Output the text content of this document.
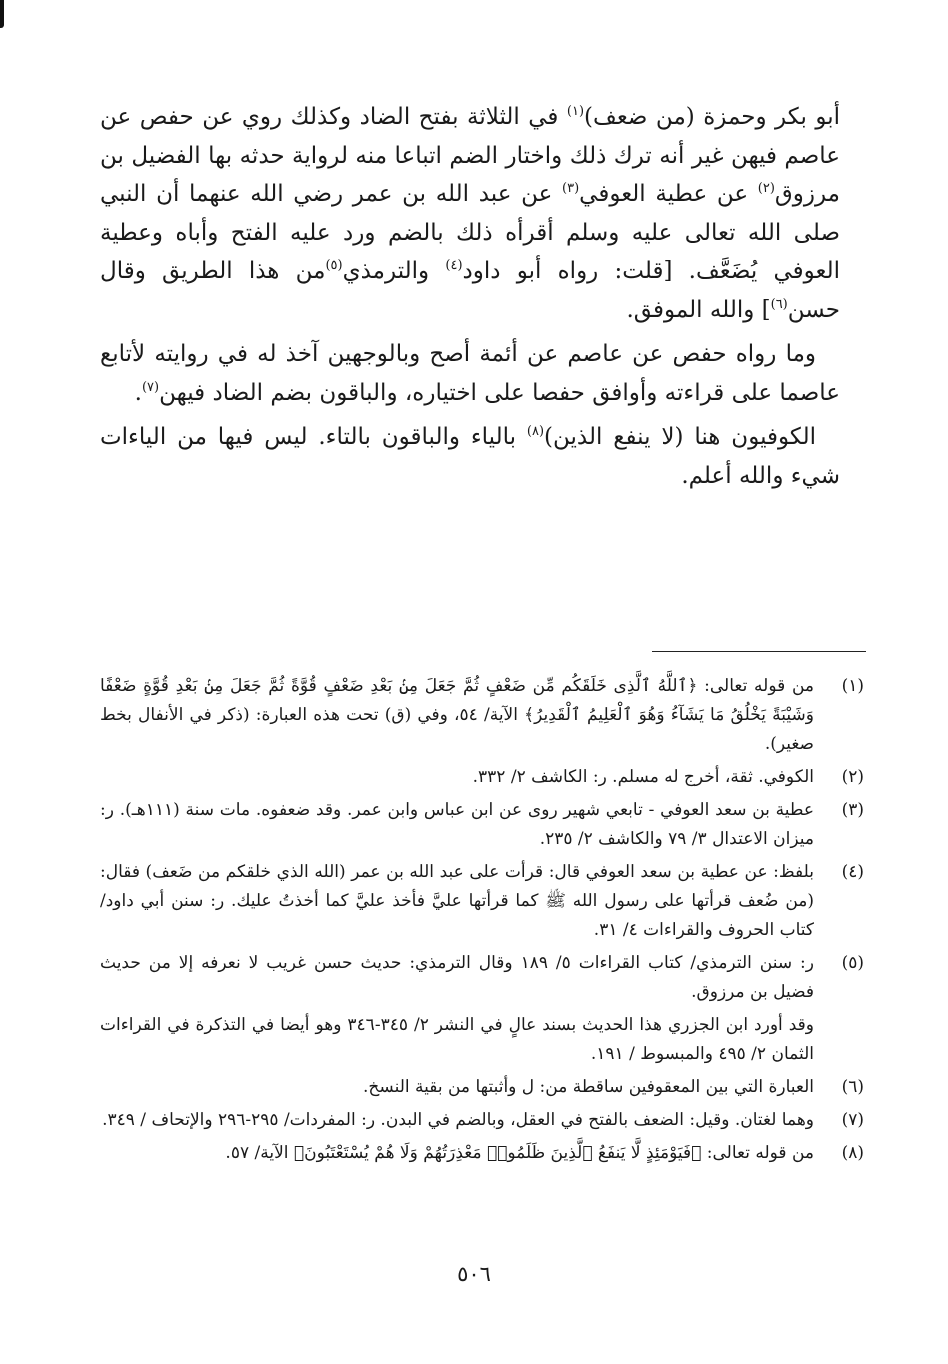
أبو بكر وحمزة (من ضعف)$^{(١)}$ في الثلاثة بفتح الضاد وكذلك روي عن حفص عن عاصم فيهن غير أنه ترك ذلك واختار الضم اتباعا منه لرواية حدثه بها الفضيل بن مرزوق$^{(٢)}$ عن عطية العوفي$^{(٣)}$ عن عبد الله بن عمر رضي الله عنهما أن النبي صلى الله تعالى عليه وسلم أقرأه ذلك بالضم ورد عليه الفتح وأباه وعطية العوفي يُضَعَّف. [قلت: رواه أبو داود$^{(٤)}$ والترمذي$^{(٥)}$من هذا الطريق وقال حسن$^{(٦)}$] والله الموفق.

وما رواه حفص عن عاصم عن أئمة أصح وبالوجهين آخذ له في روايته لأتابع عاصما على قراءته وأوافق حفصا على اختياره، والباقون بضم الضاد فيهن$^{(٧)}$.

الكوفيون هنا (لا ينفع الذين)$^{(٨)}$ بالياء والباقون بالتاء. ليس فيها من الياءات شيء والله أعلم.

(١)
من قوله تعالى: ﴿ٱللَّهُ ٱلَّذِى خَلَقَكُم مِّن ضَعْفٍ ثُمَّ جَعَلَ مِنۢ بَعْدِ ضَعْفٍ قُوَّةً ثُمَّ جَعَلَ مِنۢ بَعْدِ قُوَّةٍ ضَعْفًا وَشَيْبَةً يَخْلُقُ مَا يَشَآءُ وَهُوَ ٱلْعَلِيمُ ٱلْقَدِيرُ﴾ الآية/ ٥٤، وفي (ق) تحت هذه العبارة: (ذكر في الأنفال بخط صغير).
(٢)
الكوفي. ثقة، أخرج له مسلم. ر: الكاشف ٢/ ٣٣٢.
(٣)
عطية بن سعد العوفي - تابعي شهير روى عن ابن عباس وابن عمر. وقد ضعفوه. مات سنة (١١١هـ). ر: ميزان الاعتدال ٣/ ٧٩ والكاشف ٢/ ٢٣٥.
(٤)
بلفظ: عن عطية بن سعد العوفي قال: قرأت على عبد الله بن عمر (الله الذي خلقكم من ضَعف) فقال: (من ضُعف قرأتها على رسول الله ﷺ كما قرأتها عليَّ فأخذ عليَّ كما أخذتُ عليك. ر: سنن أبي داود/ كتاب الحروف والقراءات ٤/ ٣١.
(٥)
ر: سنن الترمذي/ كتاب القراءات ٥/ ١٨٩ وقال الترمذي: حديث حسن غريب لا نعرفه إلا من حديث فضيل بن مرزوق.
وقد أورد ابن الجزري هذا الحديث بسند عالٍ في النشر ٢/ ٣٤٥-٣٤٦ وهو أيضا في التذكرة في القراءات الثمان ٢/ ٤٩٥ والمبسوط / ١٩١.
(٦)
العبارة التي بين المعقوفين ساقطة من: ل وأثبتها من بقية النسخ.
(٧)
وهما لغتان. وقيل: الضعف بالفتح في العقل، وبالضم في البدن. ر: المفردات/ ٢٩٥-٢٩٦ والإتحاف / ٣٤٩.
(٨)
من قوله تعالى: ﴿فَيَوْمَئِذٍ لَّا يَنفَعُ ٱلَّذِينَ ظَلَمُوا۟ مَعْذِرَتُهُمْ وَلَا هُمْ يُسْتَعْتَبُونَ﴾ الآية/ ٥٧.
٥٠٦
